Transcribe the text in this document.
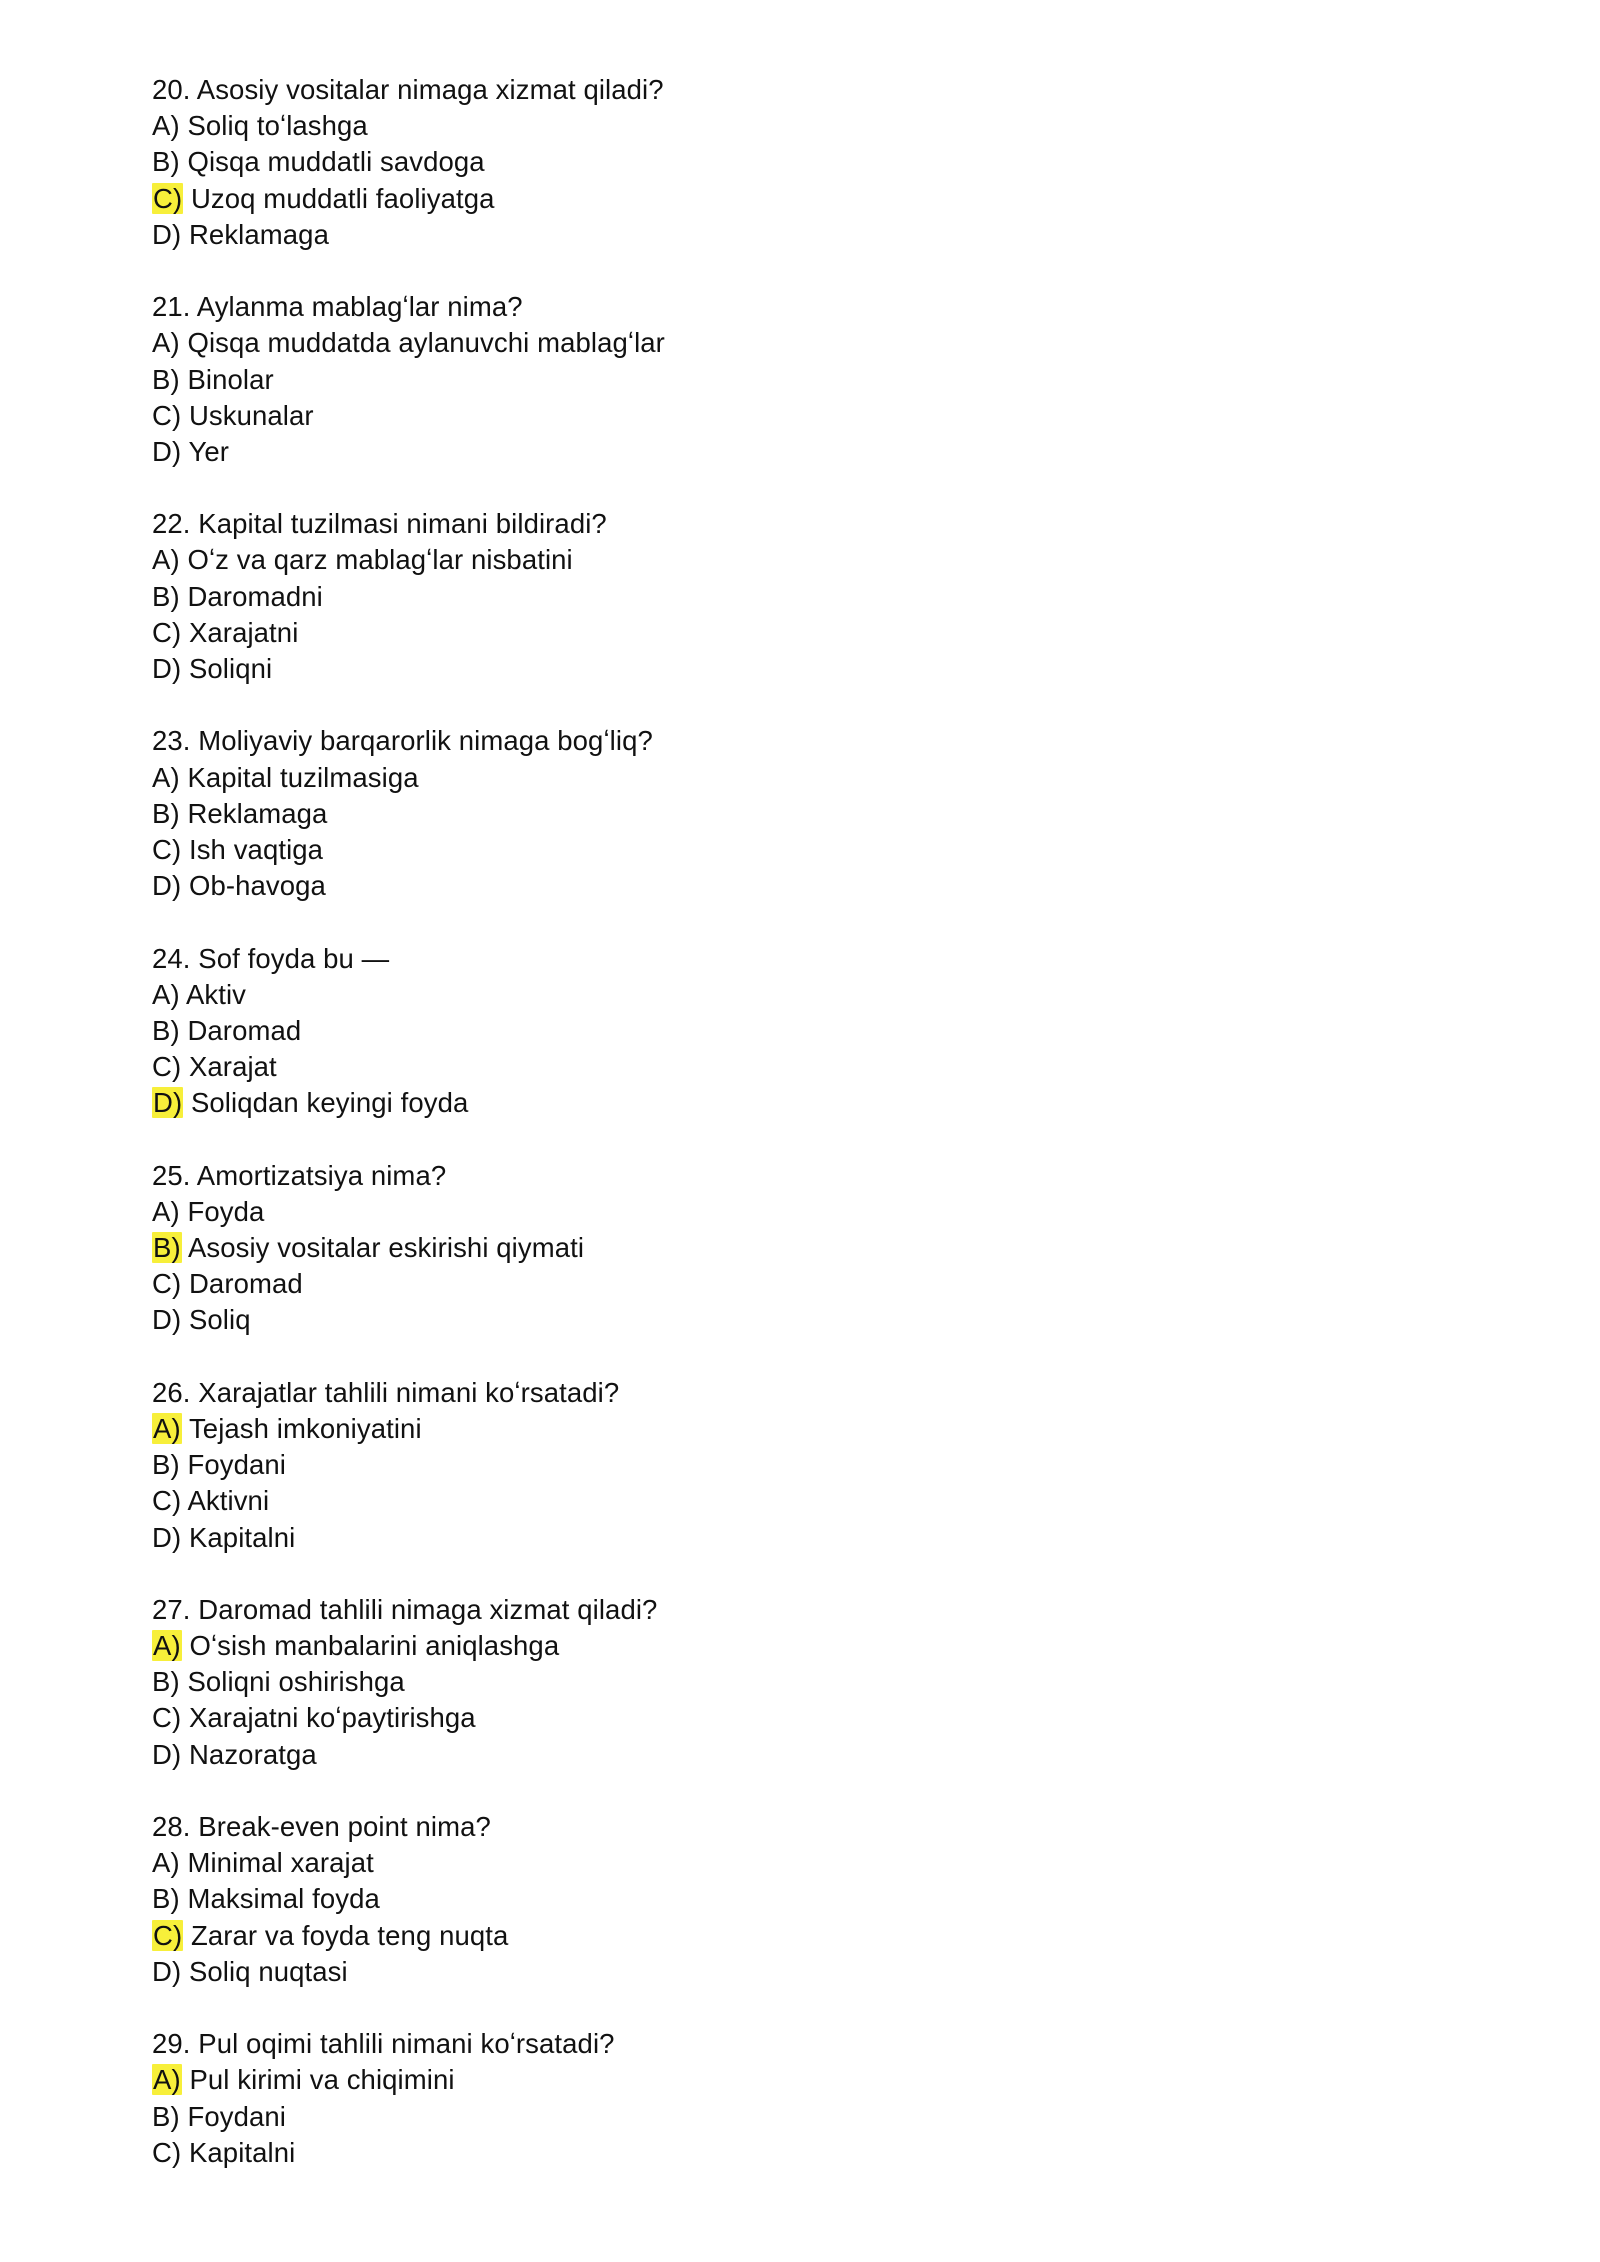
20. Asosiy vositalar nimaga xizmat qiladi?
A) Soliq toʻlashga
B) Qisqa muddatli savdoga
C) Uzoq muddatli faoliyatga
D) Reklamaga
21. Aylanma mablagʻlar nima?
A) Qisqa muddatda aylanuvchi mablagʻlar
B) Binolar
C) Uskunalar
D) Yer
22. Kapital tuzilmasi nimani bildiradi?
A) Oʻz va qarz mablagʻlar nisbatini
B) Daromadni
C) Xarajatni
D) Soliqni
23. Moliyaviy barqarorlik nimaga bogʻliq?
A) Kapital tuzilmasiga
B) Reklamaga
C) Ish vaqtiga
D) Ob-havoga
24. Sof foyda bu —
A) Aktiv
B) Daromad
C) Xarajat
D) Soliqdan keyingi foyda
25. Amortizatsiya nima?
A) Foyda
B) Asosiy vositalar eskirishi qiymati
C) Daromad
D) Soliq
26. Xarajatlar tahlili nimani koʻrsatadi?
A) Tejash imkoniyatini
B) Foydani
C) Aktivni
D) Kapitalni
27. Daromad tahlili nimaga xizmat qiladi?
A) Oʻsish manbalarini aniqlashga
B) Soliqni oshirishga
C) Xarajatni koʻpaytirishga
D) Nazoratga
28. Break-even point nima?
A) Minimal xarajat
B) Maksimal foyda
C) Zarar va foyda teng nuqta
D) Soliq nuqtasi
29. Pul oqimi tahlili nimani koʻrsatadi?
A) Pul kirimi va chiqimini
B) Foydani
C) Kapitalni
